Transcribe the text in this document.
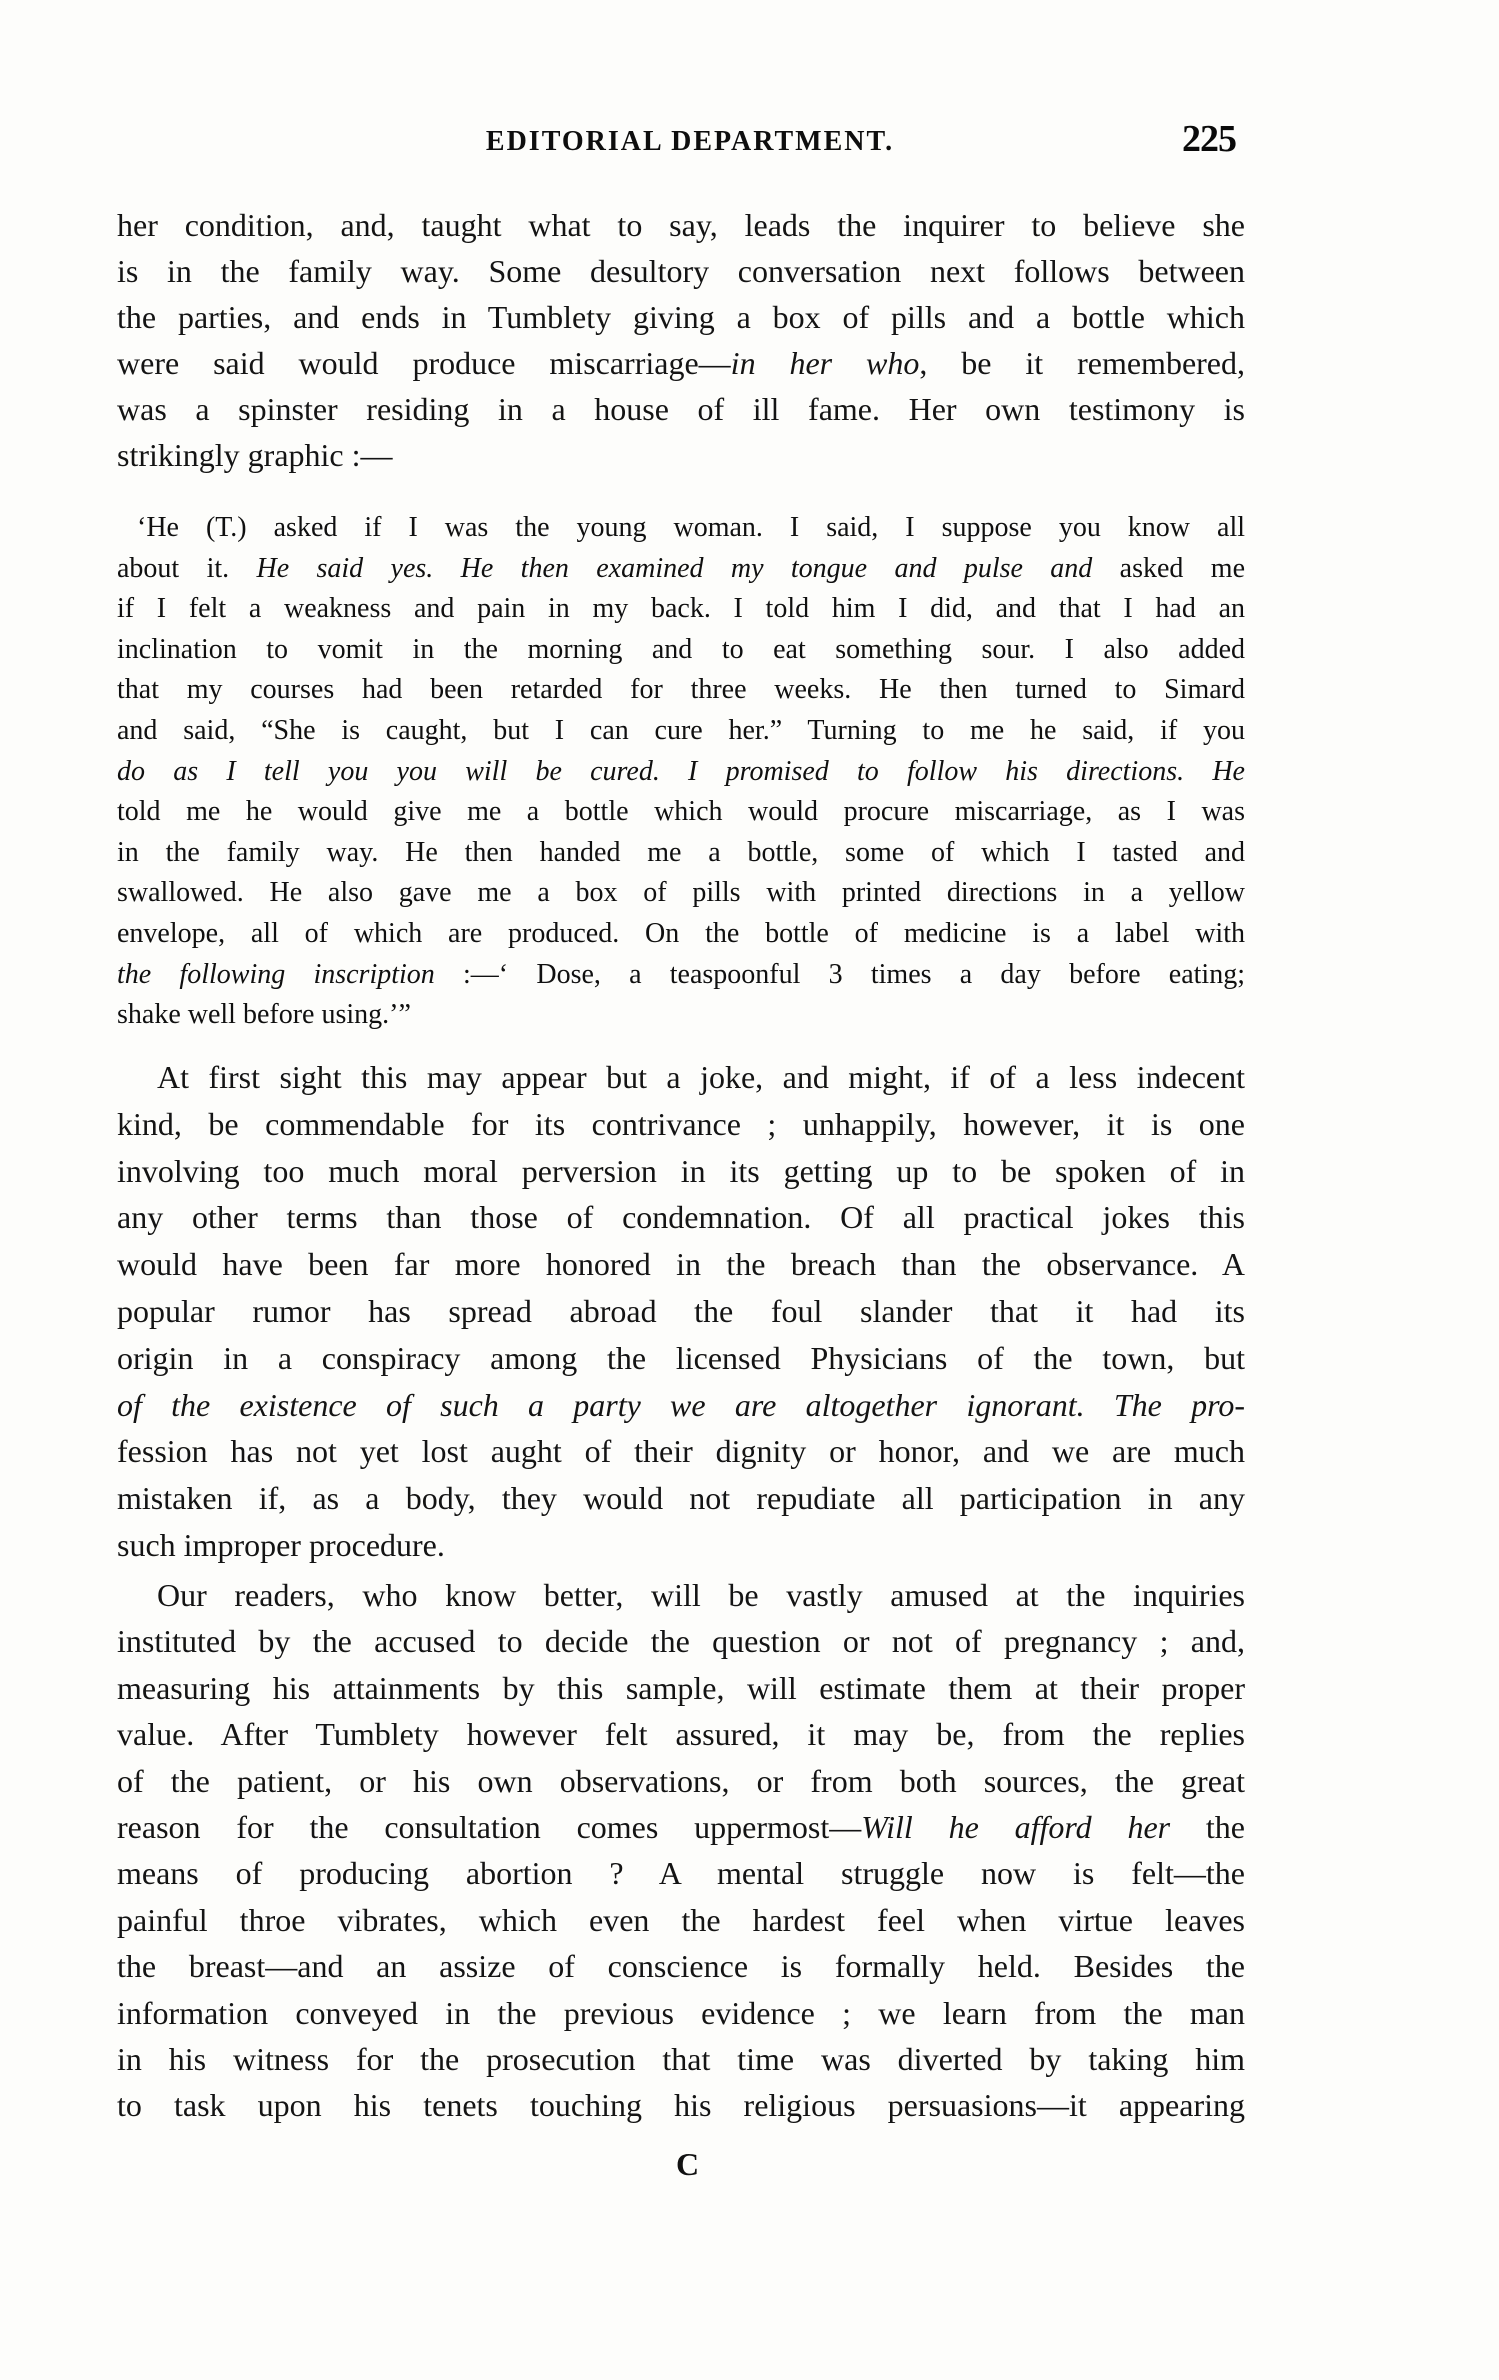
EDITORIAL DEPARTMENT.	225
her condition, and, taught what to say, leads the inquirer to believe she
is in the family way. Some desultory conversation next follows between
the parties, and ends in Tumblety giving a box of pills and a bottle which
were said would produce miscarriage—in her who, be it remembered,
was a spinster residing in a house of ill fame. Her own testimony is
strikingly graphic :—
‘He (T.) asked if I was the young woman. I said, I suppose you know all
about it. He said yes. He then examined my tongue and pulse and asked me
if I felt a weakness and pain in my back. I told him I did, and that I had an
inclination to vomit in the morning and to eat something sour. I also added
that my courses had been retarded for three weeks. He then turned to Simard
and said, “She is caught, but I can cure her.” Turning to me he said, if you
do as I tell you you will be cured. I promised to follow his directions. He
told me he would give me a bottle which would procure miscarriage, as I was
in the family way. He then handed me a bottle, some of which I tasted and
swallowed. He also gave me a box of pills with printed directions in a yellow
envelope, all of which are produced. On the bottle of medicine is a label with
the following inscription :—‘ Dose, a teaspoonful 3 times a day before eating;
shake well before using.’”
At first sight this may appear but a joke, and might, if of a less indecent
kind, be commendable for its contrivance ; unhappily, however, it is one
involving too much moral perversion in its getting up to be spoken of in
any other terms than those of condemnation. Of all practical jokes this
would have been far more honored in the breach than the observance. A
popular rumor has spread abroad the foul slander that it had its
origin in a conspiracy among the licensed Physicians of the town, but
of the existence of such a party we are altogether ignorant. The pro-
fession has not yet lost aught of their dignity or honor, and we are much
mistaken if, as a body, they would not repudiate all participation in any
such improper procedure.
Our readers, who know better, will be vastly amused at the inquiries
instituted by the accused to decide the question or not of pregnancy ; and,
measuring his attainments by this sample, will estimate them at their proper
value. After Tumblety however felt assured, it may be, from the replies
of the patient, or his own observations, or from both sources, the great
reason for the consultation comes uppermost—Will he afford her the
means of producing abortion ? A mental struggle now is felt—the
painful throe vibrates, which even the hardest feel when virtue leaves
the breast—and an assize of conscience is formally held. Besides the
information conveyed in the previous evidence ; we learn from the man
in his witness for the prosecution that time was diverted by taking him
to task upon his tenets touching his religious persuasions—it appearing
C
